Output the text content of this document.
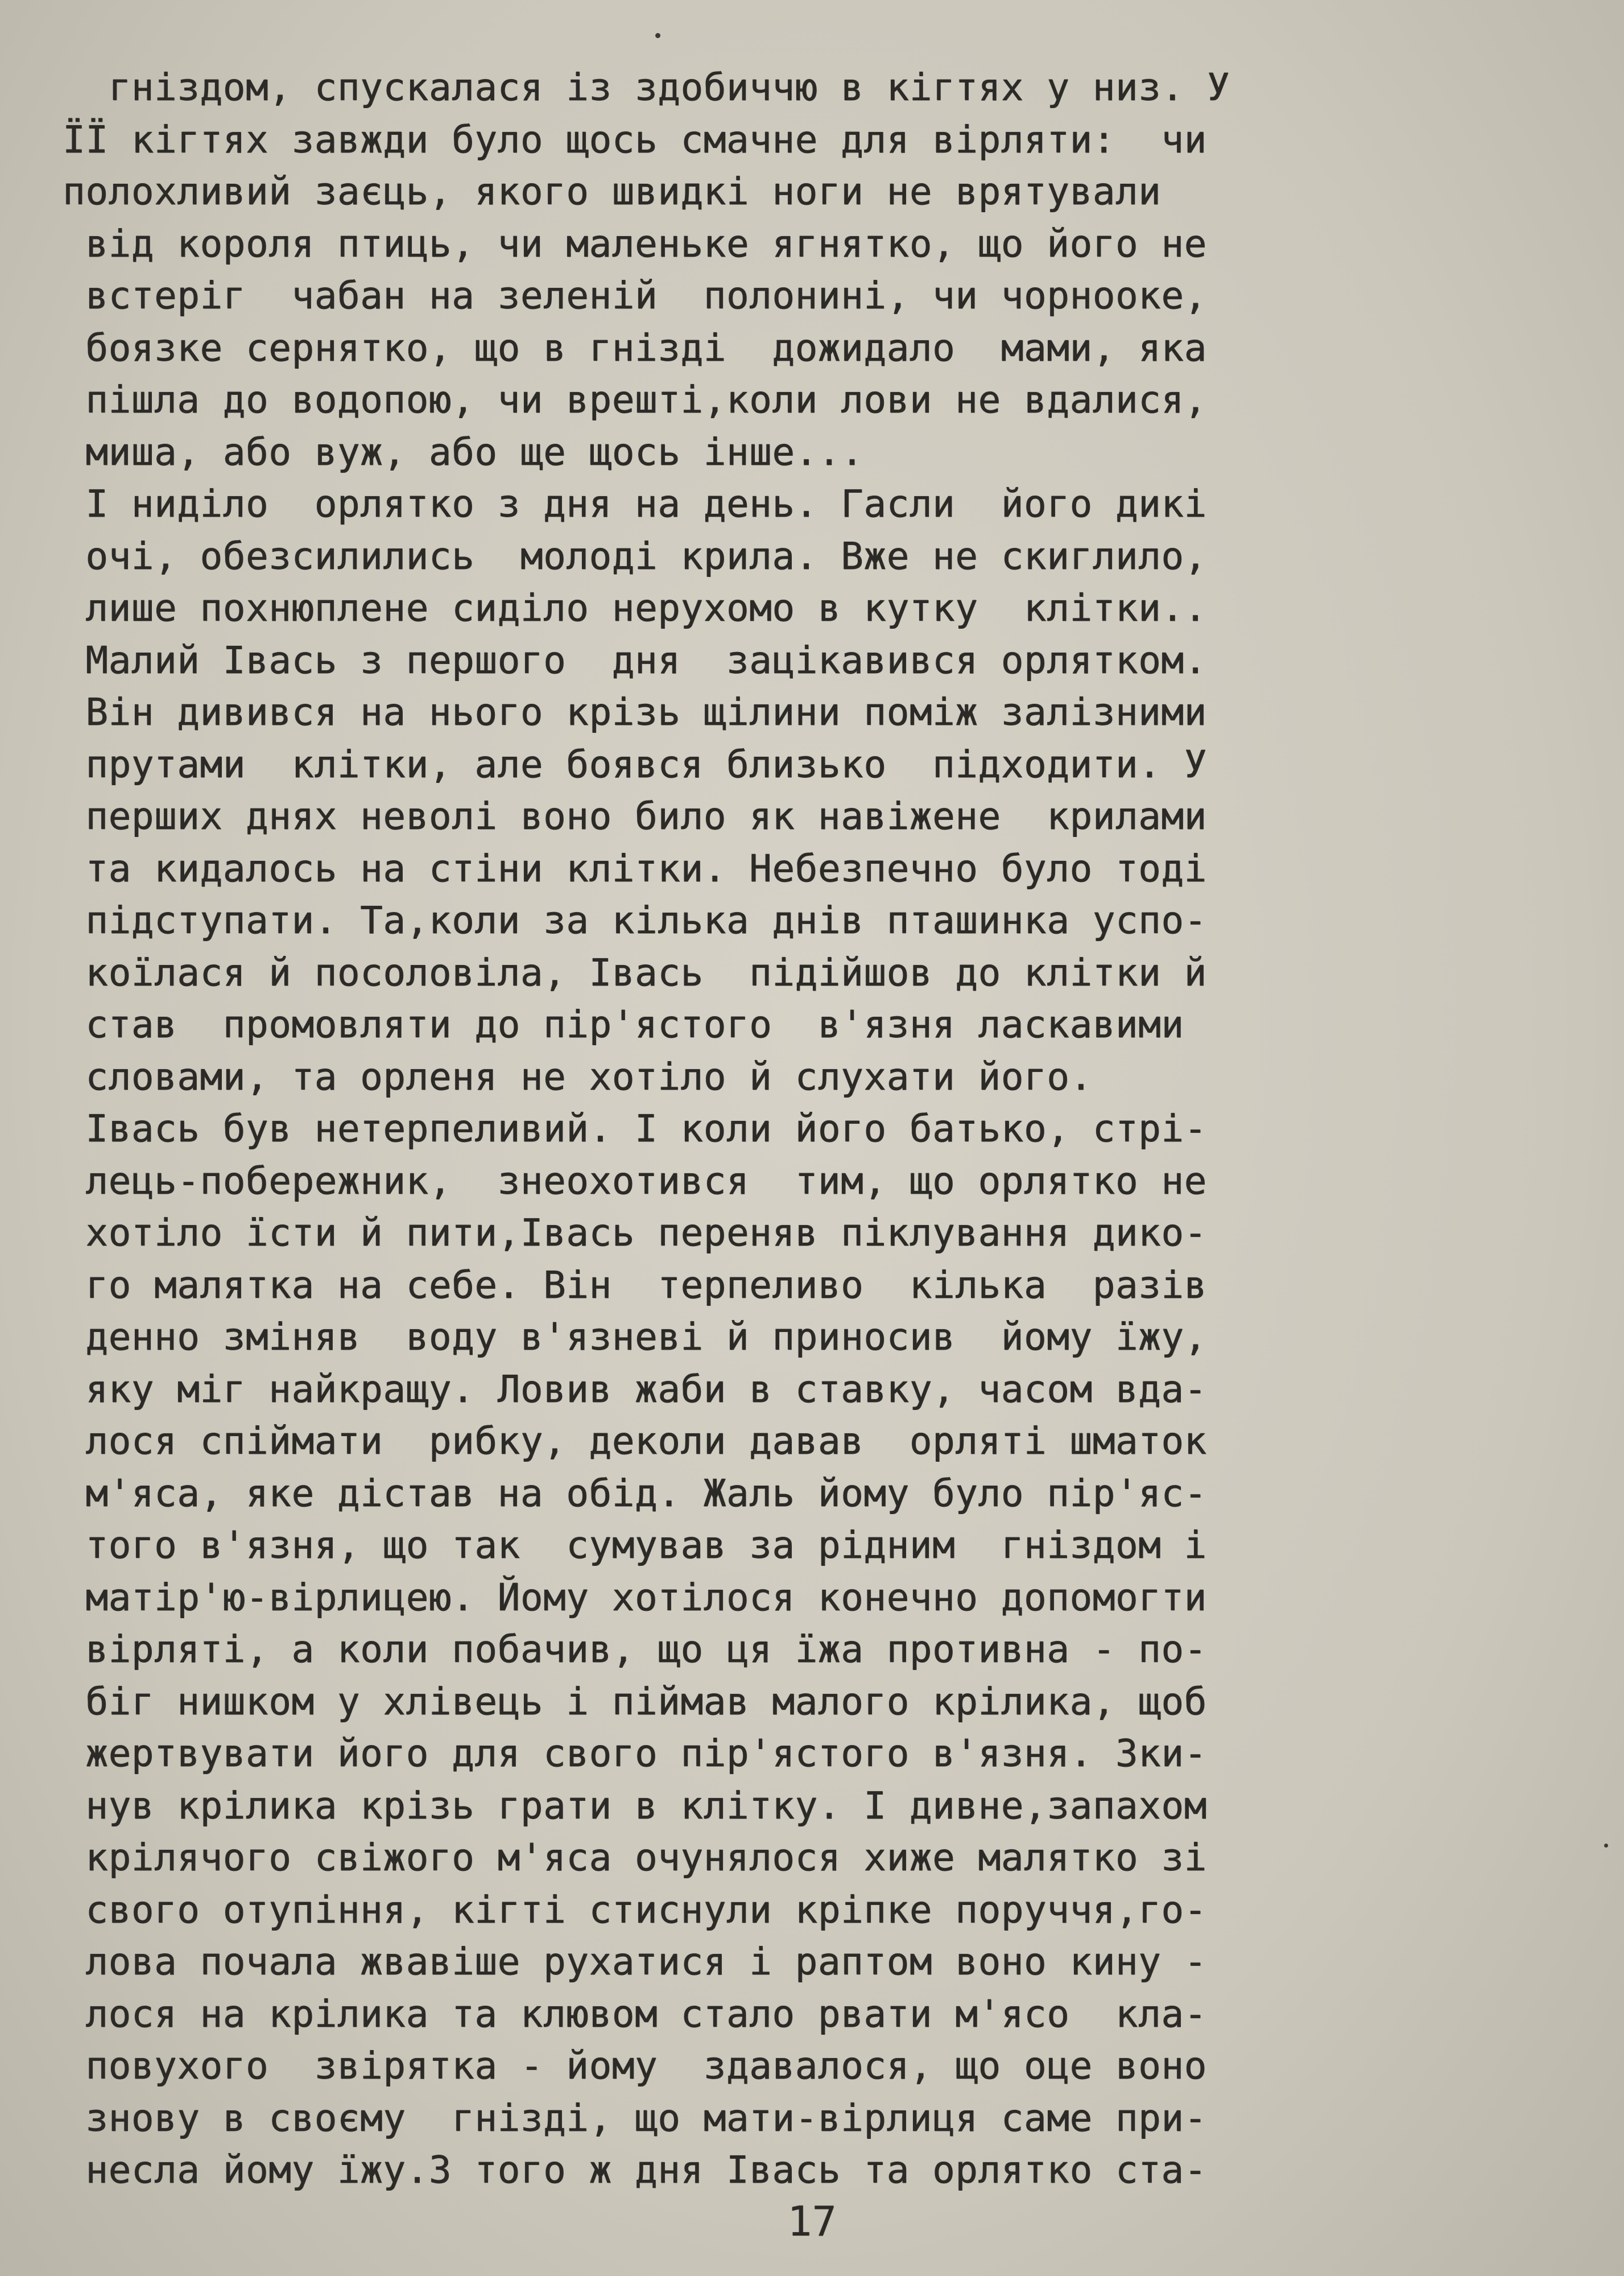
гніздом, спускалася із здобиччю в кігтях у низ. У
ЇЇ кігтях завжди було щось смачне для вірляти:  чи
полохливий заєць, якого швидкі ноги не врятували
від короля птиць, чи маленьке ягнятко, що його не
встеріг  чабан на зеленій  полонині, чи чорнооке,
боязке сернятко, що в гнізді  дожидало  мами, яка
пішла до водопою, чи врешті,коли лови не вдалися,
миша, або вуж, або ще щось інше...
І ниділо  орлятко з дня на день. Гасли  його дикі
очі, обезсилились  молоді крила. Вже не скиглило,
лише похнюплене сиділо нерухомо в кутку  клітки..
Малий Івась з першого  дня  зацікавився орлятком.
Він дивився на нього крізь щілини поміж залізними
прутами  клітки, але боявся близько  підходити. У
перших днях неволі воно било як навіжене  крилами
та кидалось на стіни клітки. Небезпечно було тоді
підступати. Та,коли за кілька днів пташинка успо-
коїлася й посоловіла, Івась  підійшов до клітки й
став  промовляти до пір'ястого  в'язня ласкавими
словами, та орленя не хотіло й слухати його.
Івась був нетерпеливий. І коли його батько, стрі-
лець-побережник,  знеохотився  тим, що орлятко не
хотіло їсти й пити,Івась переняв піклування дико-
го малятка на себе. Він  терпеливо  кілька  разів
денно зміняв  воду в'язневі й приносив  йому їжу,
яку міг найкращу. Ловив жаби в ставку, часом вда-
лося спіймати  рибку, деколи давав  орляті шматок
м'яса, яке дістав на обід. Жаль йому було пір'яс-
того в'язня, що так  сумував за рідним  гніздом і
матір'ю-вірлицею. Йому хотілося конечно допомогти
вірляті, а коли побачив, що ця їжа противна - по-
біг нишком у хлівець і піймав малого крілика, щоб
жертвувати його для свого пір'ястого в'язня. Зки-
нув крілика крізь грати в клітку. І дивне,запахом
крілячого свіжого м'яса очунялося хиже малятко зі
свого отупіння, кігті стиснули кріпке поруччя,го-
лова почала жвавіше рухатися і раптом воно кину -
лося на крілика та клювом стало рвати м'ясо  кла-
повухого  звірятка - йому  здавалося, що оце воно
знову в своєму  гнізді, що мати-вірлиця саме при-
несла йому їжу.З того ж дня Івась та орлятко ста-
17
